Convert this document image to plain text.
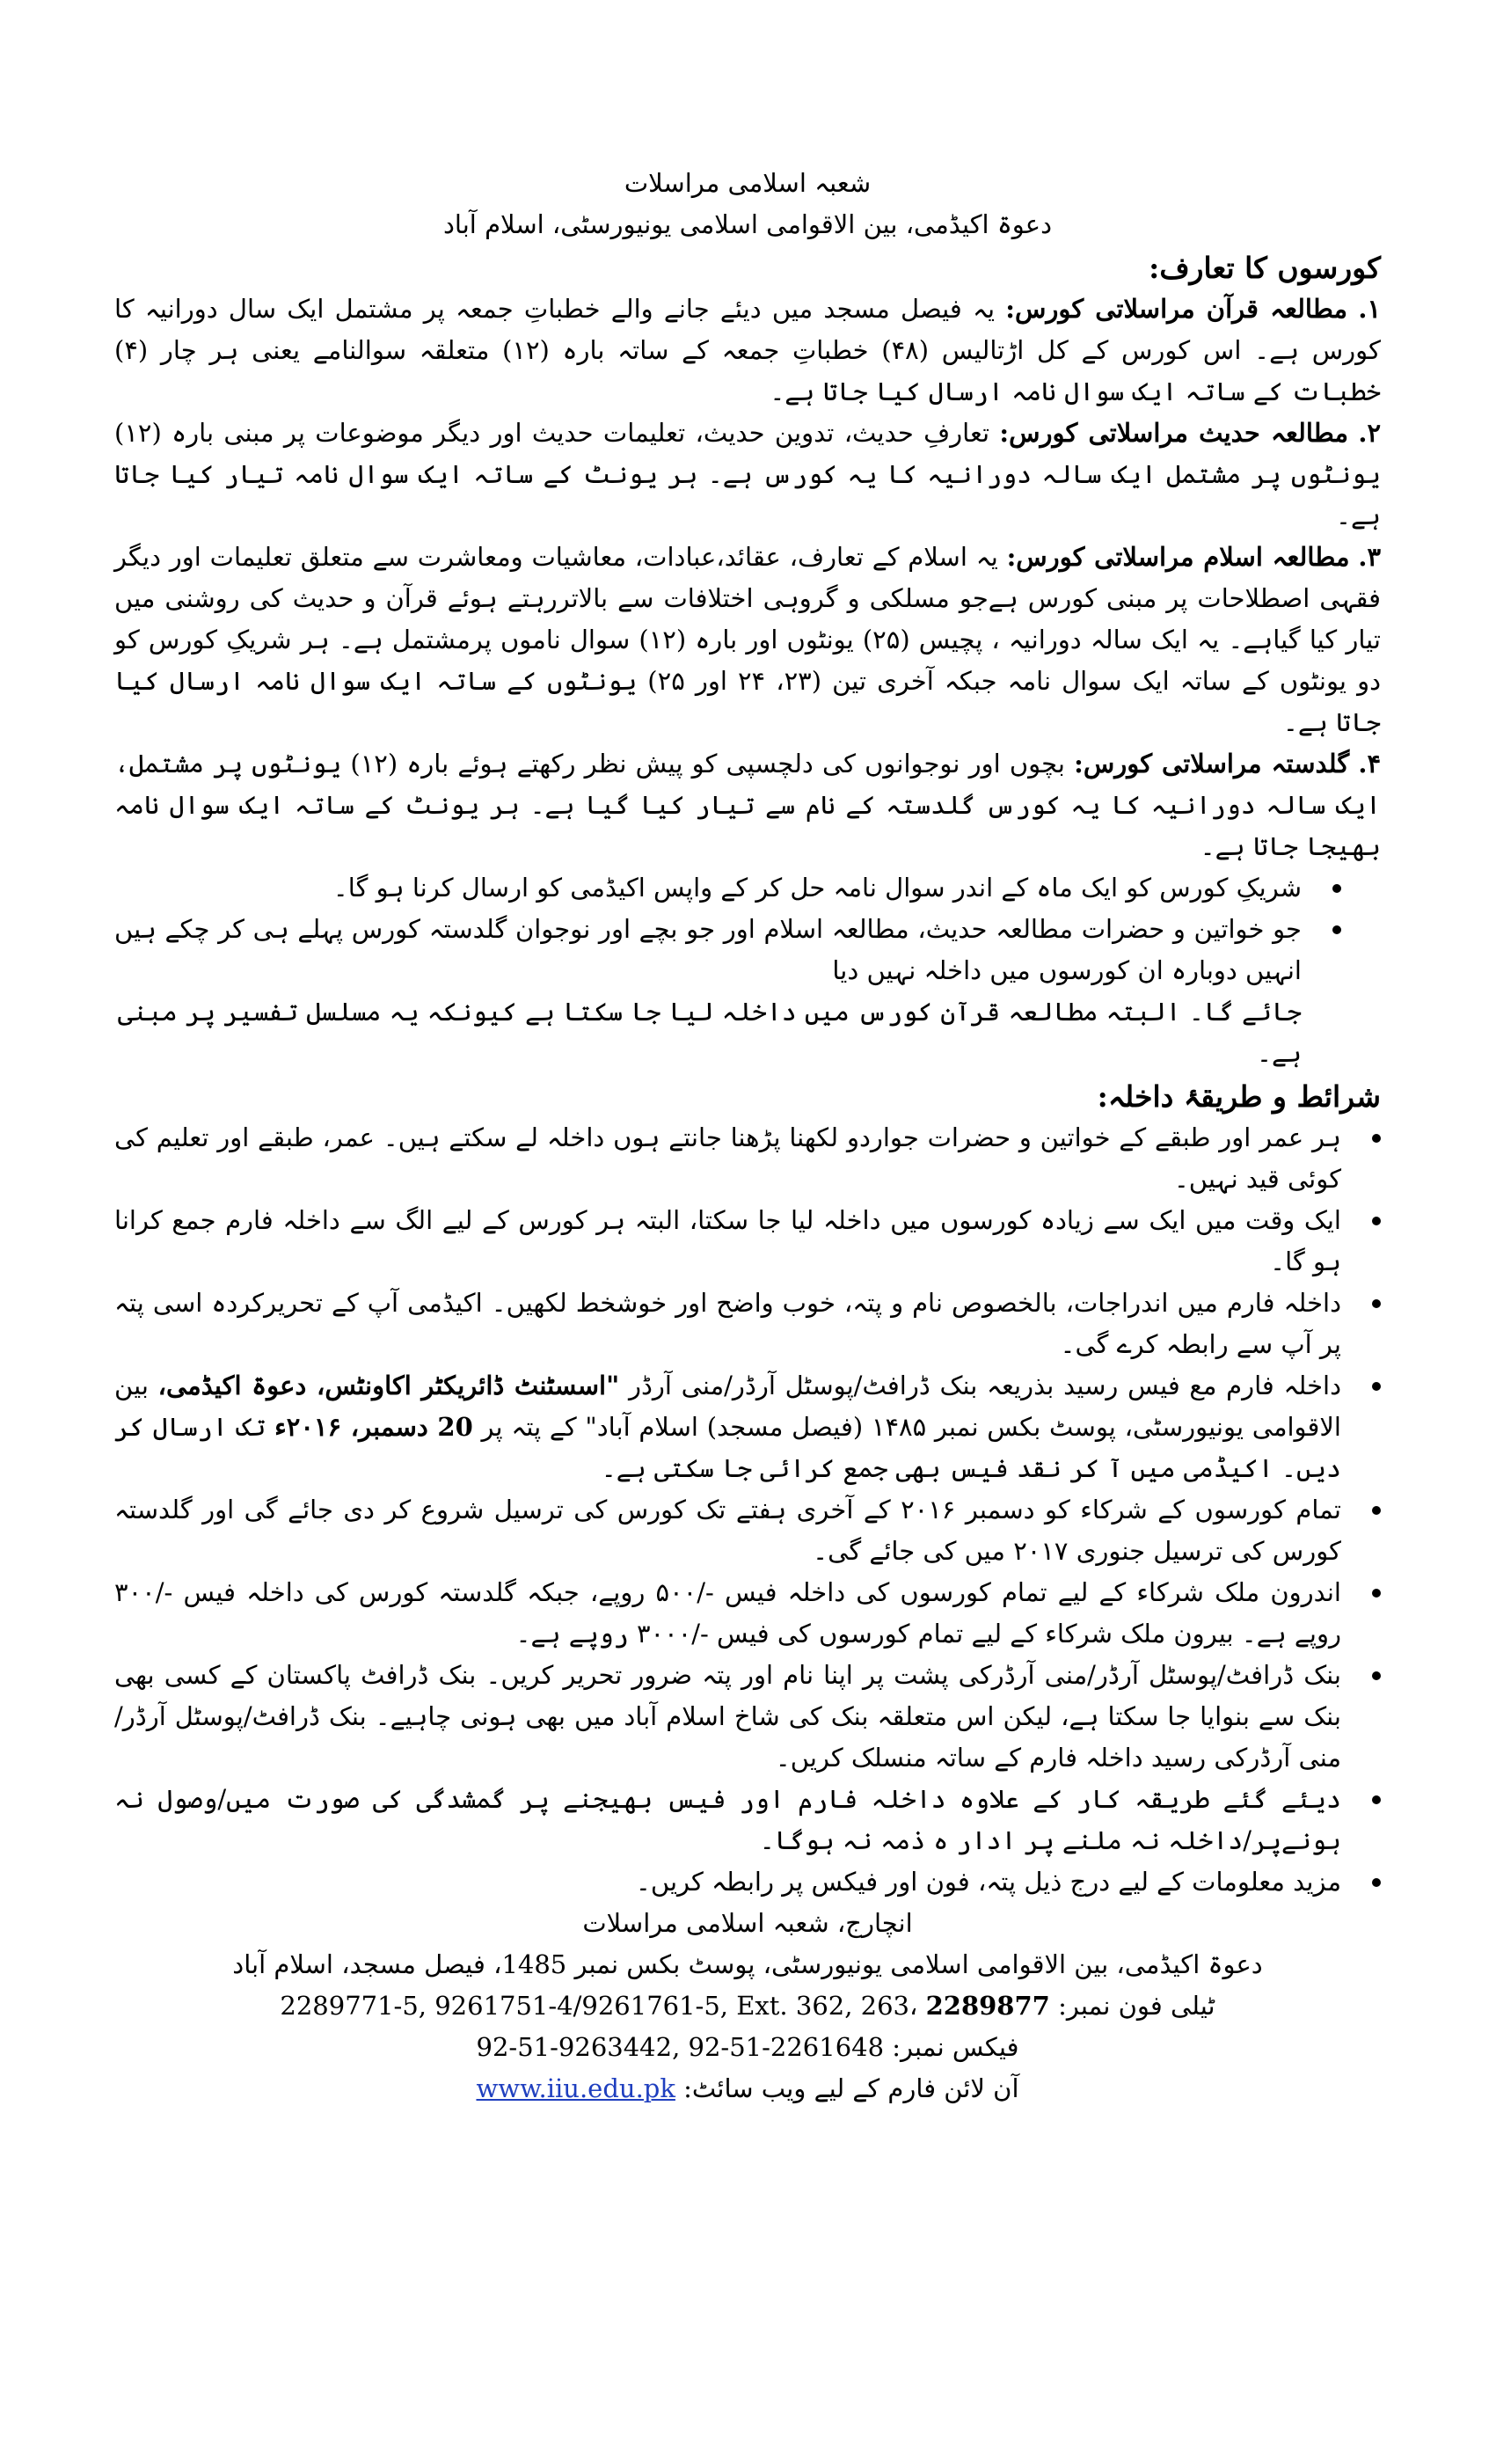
شعبہ اسلامی مراسلات

دعوۃ اکیڈمی، بین الاقوامی اسلامی یونیورسٹی، اسلام آباد

کورسوں کا تعارف:

۱. مطالعہ قرآن مراسلاتی کورس: یہ فیصل مسجد میں دیئے جانے والے خطباتِ جمعہ پر مشتمل ایک سال دورانیہ کا کورس ہے۔ اس کورس کے کل اڑتالیس (۴۸) خطباتِ جمعہ کے ساتہ بارہ (۱۲) متعلقہ سوالنامے یعنی ہر چار (۴) خطبات کے ساتہ ایک سوال نامہ ارسال کیا جاتا ہے۔

۲. مطالعہ حدیث مراسلاتی کورس: تعارفِ حدیث، تدوین حدیث، تعلیمات حدیث اور دیگر موضوعات پر مبنی بارہ (۱۲) یونٹوں پر مشتمل ایک سالہ دورانیہ کا یہ کورس ہے۔ ہر یونٹ کے ساتہ ایک سوال نامہ تیار کیا جاتا ہے۔

۳. مطالعہ اسلام مراسلاتی کورس: یہ اسلام کے تعارف، عقائد،عبادات، معاشیات ومعاشرت سے متعلق تعلیمات اور دیگر فقہی اصطلاحات پر مبنی کورس ہےجو مسلکی و گروہی اختلافات سے بالاتررہتے ہوئے قرآن و حدیث کی روشنی میں تیار کیا گیاہے۔ یہ ایک سالہ دورانیہ ، پچیس (۲۵) یونٹوں اور بارہ (۱۲) سوال ناموں پرمشتمل ہے۔ ہر شریکِ کورس کو دو یونٹوں کے ساتہ ایک سوال نامہ جبکہ آخری تین (۲۳، ۲۴ اور ۲۵) یونٹوں کے ساتہ ایک سوال نامہ ارسال کیا جاتا ہے۔

۴. گلدستہ مراسلاتی کورس: بچوں اور نوجوانوں کی دلچسپی کو پیش نظر رکھتے ہوئے بارہ (۱۲) یونٹوں پر مشتمل، ایک سالہ دورانیہ کا یہ کورس گلدستہ کے نام سے تیار کیا گیا ہے۔ ہر یونٹ کے ساتہ ایک سوال نامہ بھیجا جاتا ہے۔

شریکِ کورس کو ایک ماہ کے اندر سوال نامہ حل کر کے واپس اکیڈمی کو ارسال کرنا ہو گا۔
جو خواتین و حضرات مطالعہ حدیث، مطالعہ اسلام اور جو بچے اور نوجوان گلدستہ کورس پہلے ہی کر چکے ہیں انہیں دوبارہ ان کورسوں میں داخلہ نہیں دیا

جائے گا۔ البتہ مطالعہ قرآن کورس میں داخلہ لیا جا سکتا ہے کیونکہ یہ مسلسل تفسیر پر مبنی ہے۔

شرائط و طریقۂ داخلہ:

ہر عمر اور طبقے کے خواتین و حضرات جواردو لکھنا پڑھنا جانتے ہوں داخلہ لے سکتے ہیں۔ عمر، طبقے اور تعلیم کی کوئی قید نہیں۔
ایک وقت میں ایک سے زیادہ کورسوں میں داخلہ لیا جا سکتا، البتہ ہر کورس کے لیے الگ سے داخلہ فارم جمع کرانا ہو گا۔
داخلہ فارم میں اندراجات، بالخصوص نام و پتہ، خوب واضح اور خوشخط لکھیں۔ اکیڈمی آپ کے تحریرکردہ اسی پتہ پر آپ سے رابطہ کرے گی۔
داخلہ فارم مع فیس رسید بذریعہ بنک ڈرافٹ/پوسٹل آرڈر/منی آرڈر "اسسٹنٹ ڈائریکٹر اکاونٹس، دعوۃ اکیڈمی، بین الاقوامی یونیورسٹی، پوسٹ بکس نمبر ۱۴۸۵ (فیصل مسجد) اسلام آباد" کے پتہ پر 20 دسمبر، ۲۰۱۶ء تک ارسال کر دیں۔ اکیڈمی میں آ کر نقد فیس بھی جمع کرائی جا سکتی ہے۔
تمام کورسوں کے شرکاء کو دسمبر ۲۰۱۶ کے آخری ہفتے تک کورس کی ترسیل شروع کر دی جائے گی اور گلدستہ کورس کی ترسیل جنوری ۲۰۱۷ میں کی جائے گی۔
اندرون ملک شرکاء کے لیے تمام کورسوں کی داخلہ فیس -/۵۰۰ روپے، جبکہ گلدستہ کورس کی داخلہ فیس -/۳۰۰ روپے ہے۔ بیرون ملک شرکاء کے لیے تمام کورسوں کی فیس -/۳۰۰۰ روپے ہے۔
بنک ڈرافٹ/پوسٹل آرڈر/منی آرڈرکی پشت پر اپنا نام اور پتہ ضرور تحریر کریں۔ بنک ڈرافٹ پاکستان کے کسی بھی بنک سے بنوایا جا سکتا ہے، لیکن اس متعلقہ بنک کی شاخ اسلام آباد میں بھی ہونی چاہیے۔ بنک ڈرافٹ/پوسٹل آرڈر/منی آرڈرکی رسید داخلہ فارم کے ساتہ منسلک کریں۔
دیئے گئے طریقہ کار کے علاوہ داخلہ فارم اور فیس بھیجنے پر گمشدگی کی صورت میں/وصول نہ ہونےپر/داخلہ نہ ملنے پر ادار ہ ذمہ نہ ہوگا۔
مزید معلومات کے لیے درج ذیل پتہ، فون اور فیکس پر رابطہ کریں۔

انچارج، شعبہ اسلامی مراسلات

دعوۃ اکیڈمی، بین الاقوامی اسلامی یونیورسٹی، پوسٹ بکس نمبر 1485، فیصل مسجد، اسلام آباد

ٹیلی فون نمبر: 2289771-5, 9261751-4/9261761-5, Ext. 362, 263، 2289877

فیکس نمبر: 92-51-9263442, 92-51-2261648

آن لائن فارم کے لیے ویب سائٹ: www.iiu.edu.pk
